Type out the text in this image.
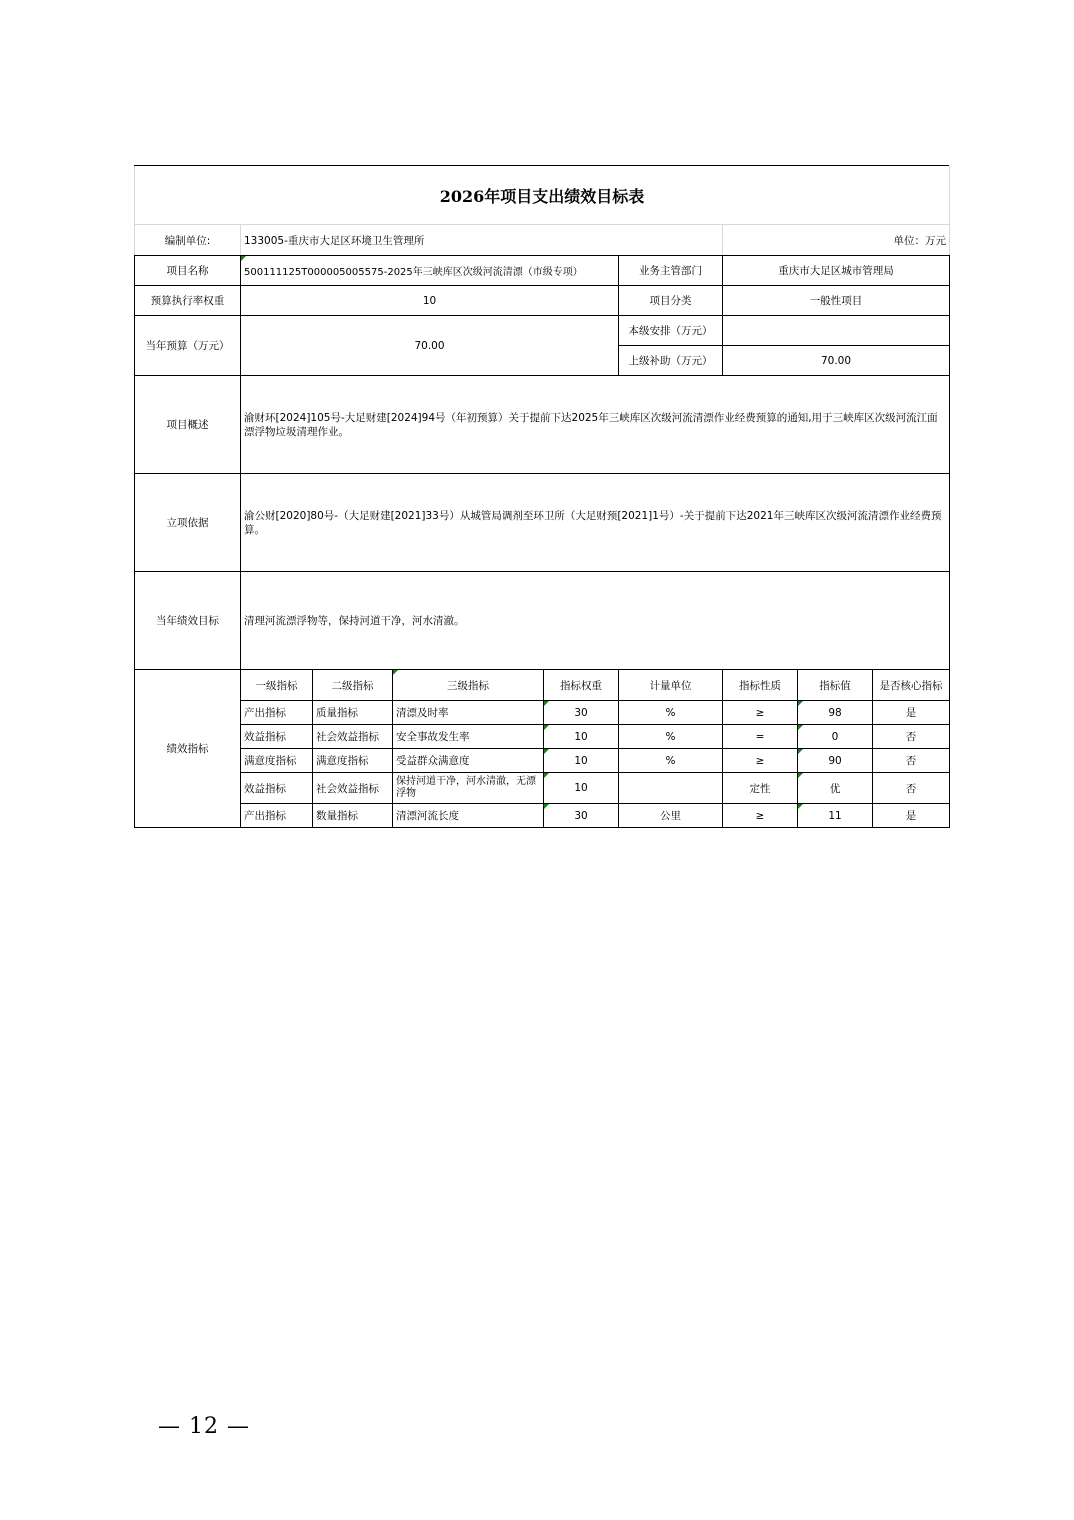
2026年项目支出绩效目标表								
编制单位:	133005-重庆市大足区环境卫生管理所					单位：万元		
项目名称	500111125T000005005575-2025年三峡库区次级河流清漂（市级专项）				业务主管部门	重庆市大足区城市管理局		
预算执行率权重	10				项目分类	一般性项目		
当年预算（万元）	70.00				本级安排（万元）			
					上级补助（万元）	70.00		
项目概述	渝财环[2024]105号-大足财建[2024]94号（年初预算）关于提前下达2025年三峡库区次级河流清漂作业经费预算的通知,用于三峡库区次级河流江面漂浮物垃圾清理作业。							
立项依据	渝公财[2020]80号-（大足财建[2021]33号）从城管局调剂至环卫所（大足财预[2021]1号）-关于提前下达2021年三峡库区次级河流清漂作业经费预算。							
当年绩效目标	清理河流漂浮物等，保持河道干净，河水清澈。							
绩效指标	一级指标	二级指标	三级指标	指标权重	计量单位	指标性质	指标值	是否核心指标
	产出指标	质量指标	清漂及时率	30	%	≥	98	是
	效益指标	社会效益指标	安全事故发生率	10	%	=	0	否
	满意度指标	满意度指标	受益群众满意度	10	%	≥	90	否
	效益指标	社会效益指标	保持河道干净，河水清澈，无漂浮物	10		定性	优	否
	产出指标	数量指标	清漂河流长度	30	公里	≥	11	是
— 12 —
